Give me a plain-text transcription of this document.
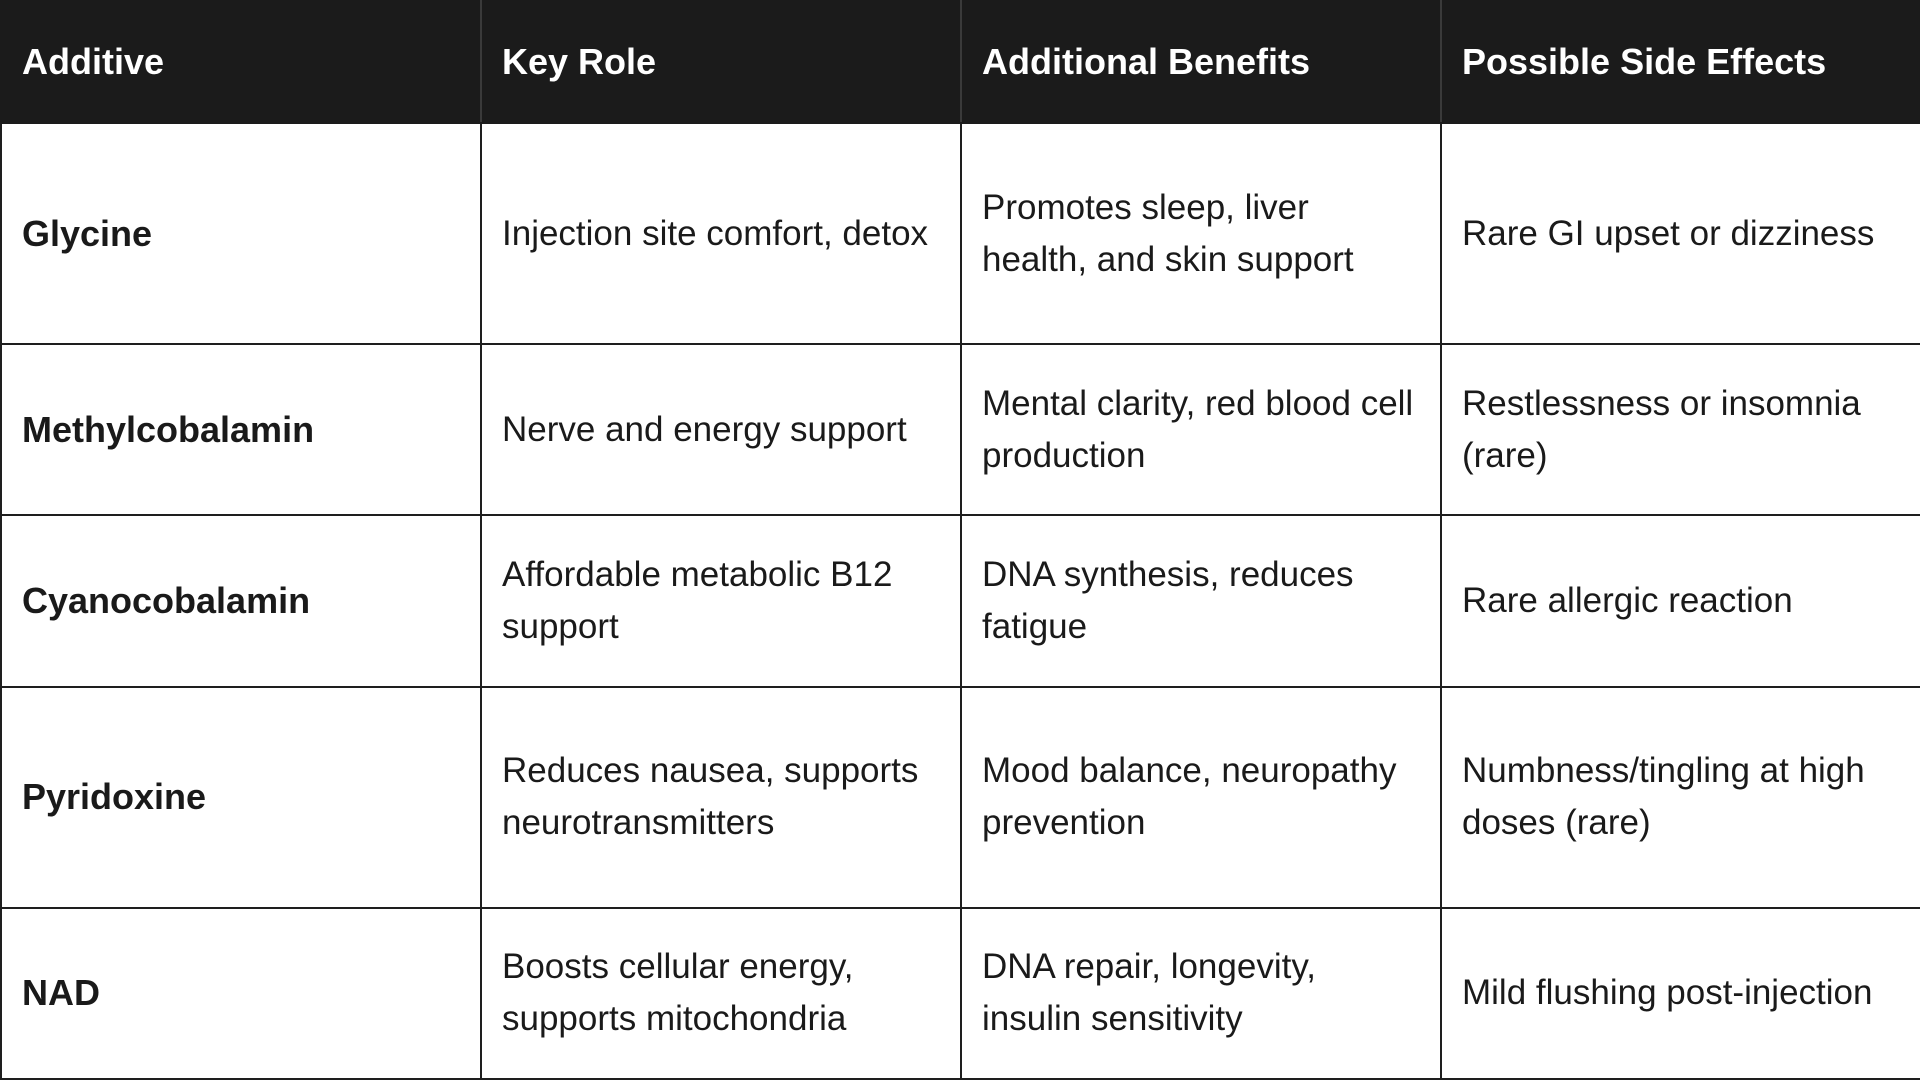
Additive	Key Role	Additional Benefits	Possible Side Effects
Glycine	Injection site comfort, detox	Promotes sleep, liver health, and skin support	Rare GI upset or dizziness
Methylcobalamin	Nerve and energy support	Mental clarity, red blood cell production	Restlessness or insomnia (rare)
Cyanocobalamin	Affordable metabolic B12 support	DNA synthesis, reduces fatigue	Rare allergic reaction
Pyridoxine	Reduces nausea, supports neurotransmitters	Mood balance, neuropathy prevention	Numbness/tingling at high doses (rare)
NAD	Boosts cellular energy, supports mitochondria	DNA repair, longevity, insulin sensitivity	Mild flushing post-injection
